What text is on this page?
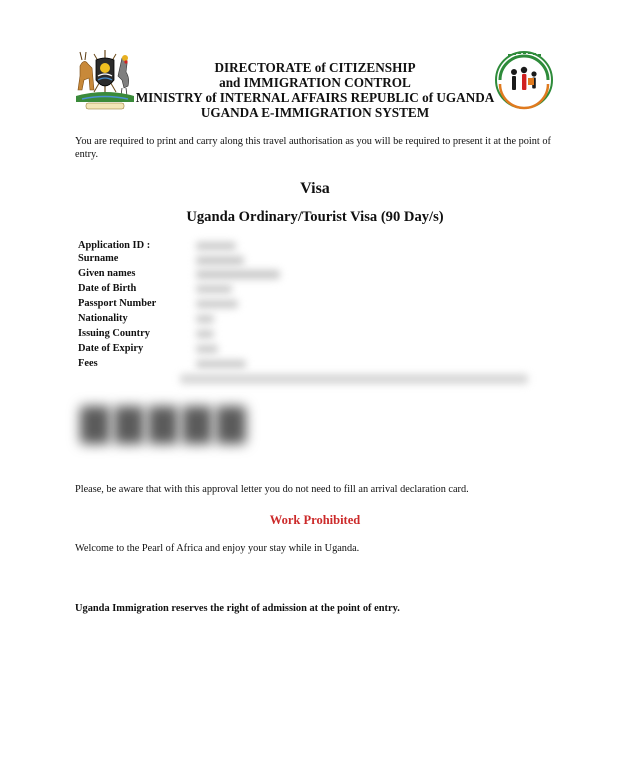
DIRECTORATE of CITIZENSHIP
and IMMIGRATION CONTROL
MINISTRY of INTERNAL AFFAIRS REPUBLIC of UGANDA
UGANDA E-IMMIGRATION SYSTEM
You are required to print and carry along this travel authorisation as you will be required to present it at the point of entry.
Visa
Uganda Ordinary/Tourist Visa (90 Day/s)
Application ID :
Surname
Given names
Date of Birth
Passport Number
Nationality
Issuing Country
Date of Expiry
Fees
Please, be aware that with this approval letter you do not need to fill an arrival declaration card.
Work Prohibited
Welcome to the Pearl of Africa and enjoy your stay while in Uganda.
Uganda Immigration reserves the right of admission at the point of entry.
